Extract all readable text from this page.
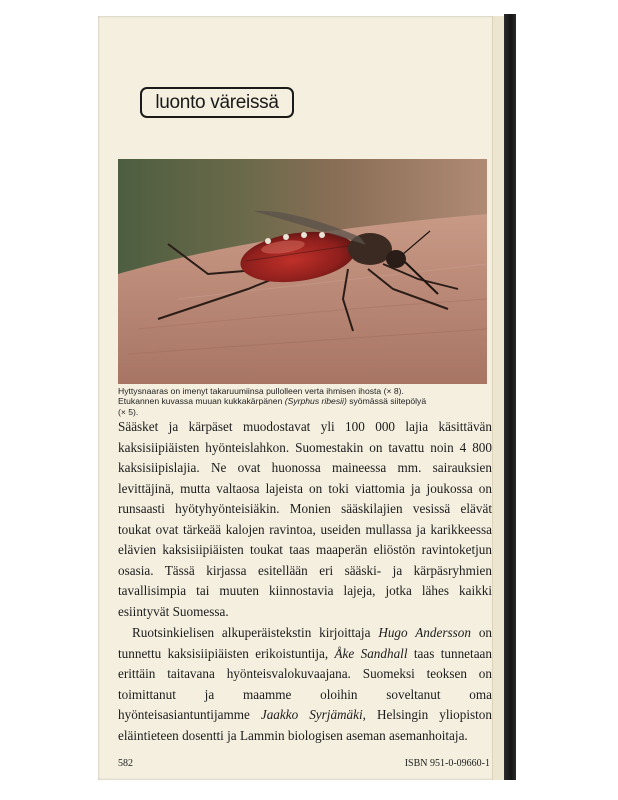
luonto väreissä
Hyttysnaaras on imenyt takaruumiinsa pullolleen verta ihmisen ihosta (× 8).
Etukannen kuvassa muuan kukkakärpänen (Syrphus ribesii) syömässä siitepölyä
(× 5).

Sääsket ja kärpäset muodostavat yli 100 000 lajia käsittävän kaksisiipiäisten hyönteislahkon. Suomestakin on tavattu noin 4 800 kaksisiipislajia. Ne ovat huonossa maineessa mm. sairauksien levittäjinä, mutta valtaosa lajeista on toki viattomia ja joukossa on runsaasti hyötyhyönteisiäkin. Monien sääskilajien vesissä elävät toukat ovat tärkeää kalojen ravintoa, useiden mullassa ja karikkeessa elävien kaksisiipiäisten toukat taas maaperän eliöstön ravintoketjun osasia. Tässä kirjassa esitellään eri sääski- ja kärpäsryhmien tavallisimpia tai muuten kiinnostavia lajeja, jotka lähes kaikki esiintyvät Suomessa.

Ruotsinkielisen alkuperäistekstin kirjoittaja Hugo Andersson on tunnettu kaksisiipiäisten erikoistuntija, Åke Sandhall taas tunnetaan erittäin taitavana hyönteisvalokuvaajana. Suomeksi teoksen on toimittanut ja maamme oloihin soveltanut oma hyönteisasiantuntijamme Jaakko Syrjämäki, Helsingin yliopiston eläintieteen dosentti ja Lammin biologisen aseman asemanhoitaja.

582	ISBN 951-0-09660-1
